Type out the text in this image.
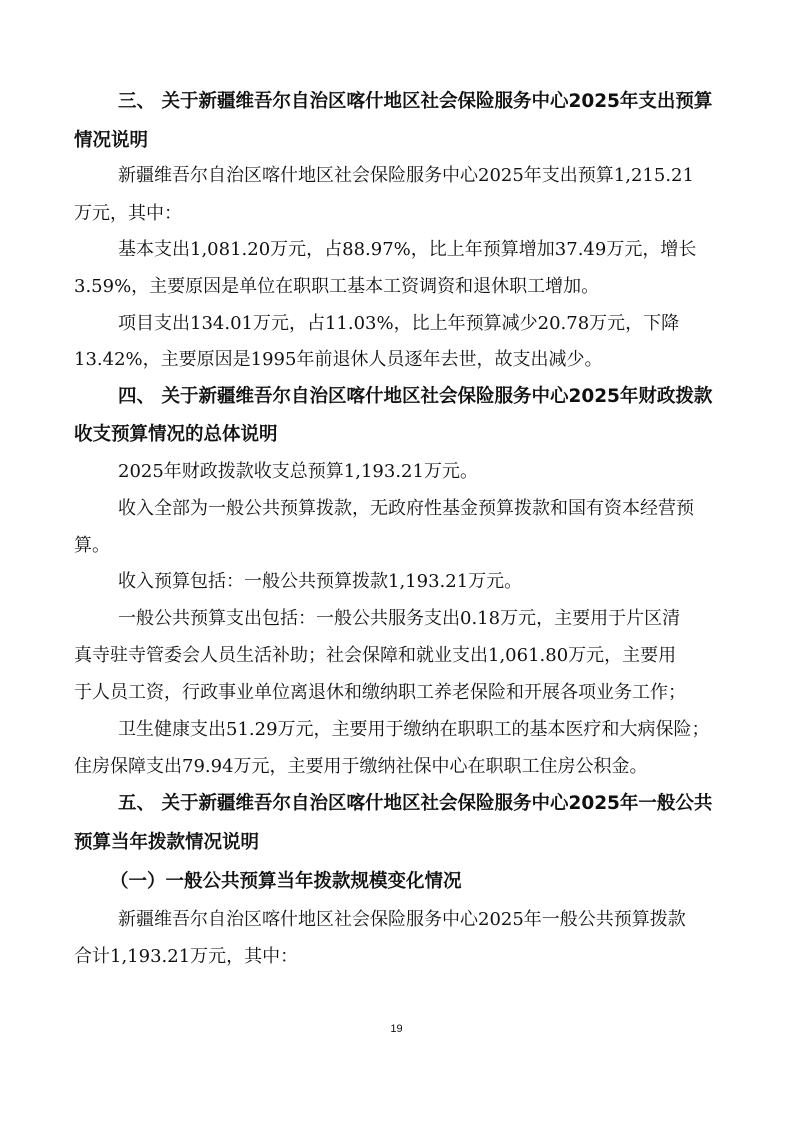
三、 关于新疆维吾尔自治区喀什地区社会保险服务中心2025年支出预算
情况说明
新疆维吾尔自治区喀什地区社会保险服务中心2025年支出预算1,215.21
万元，其中：
基本支出1,081.20万元，占88.97%，比上年预算增加37.49万元，增长
3.59%，主要原因是单位在职职工基本工资调资和退休职工增加。
项目支出134.01万元，占11.03%，比上年预算减少20.78万元，下降
13.42%，主要原因是1995年前退休人员逐年去世，故支出减少。
四、 关于新疆维吾尔自治区喀什地区社会保险服务中心2025年财政拨款
收支预算情况的总体说明
2025年财政拨款收支总预算1,193.21万元。
收入全部为一般公共预算拨款，无政府性基金预算拨款和国有资本经营预
算。
收入预算包括：一般公共预算拨款1,193.21万元。
一般公共预算支出包括：一般公共服务支出0.18万元，主要用于片区清
真寺驻寺管委会人员生活补助；社会保障和就业支出1,061.80万元，主要用
于人员工资，行政事业单位离退休和缴纳职工养老保险和开展各项业务工作；
卫生健康支出51.29万元，主要用于缴纳在职职工的基本医疗和大病保险；
住房保障支出79.94万元，主要用于缴纳社保中心在职职工住房公积金。
五、 关于新疆维吾尔自治区喀什地区社会保险服务中心2025年一般公共
预算当年拨款情况说明
（一）一般公共预算当年拨款规模变化情况
新疆维吾尔自治区喀什地区社会保险服务中心2025年一般公共预算拨款
合计1,193.21万元，其中：
19
